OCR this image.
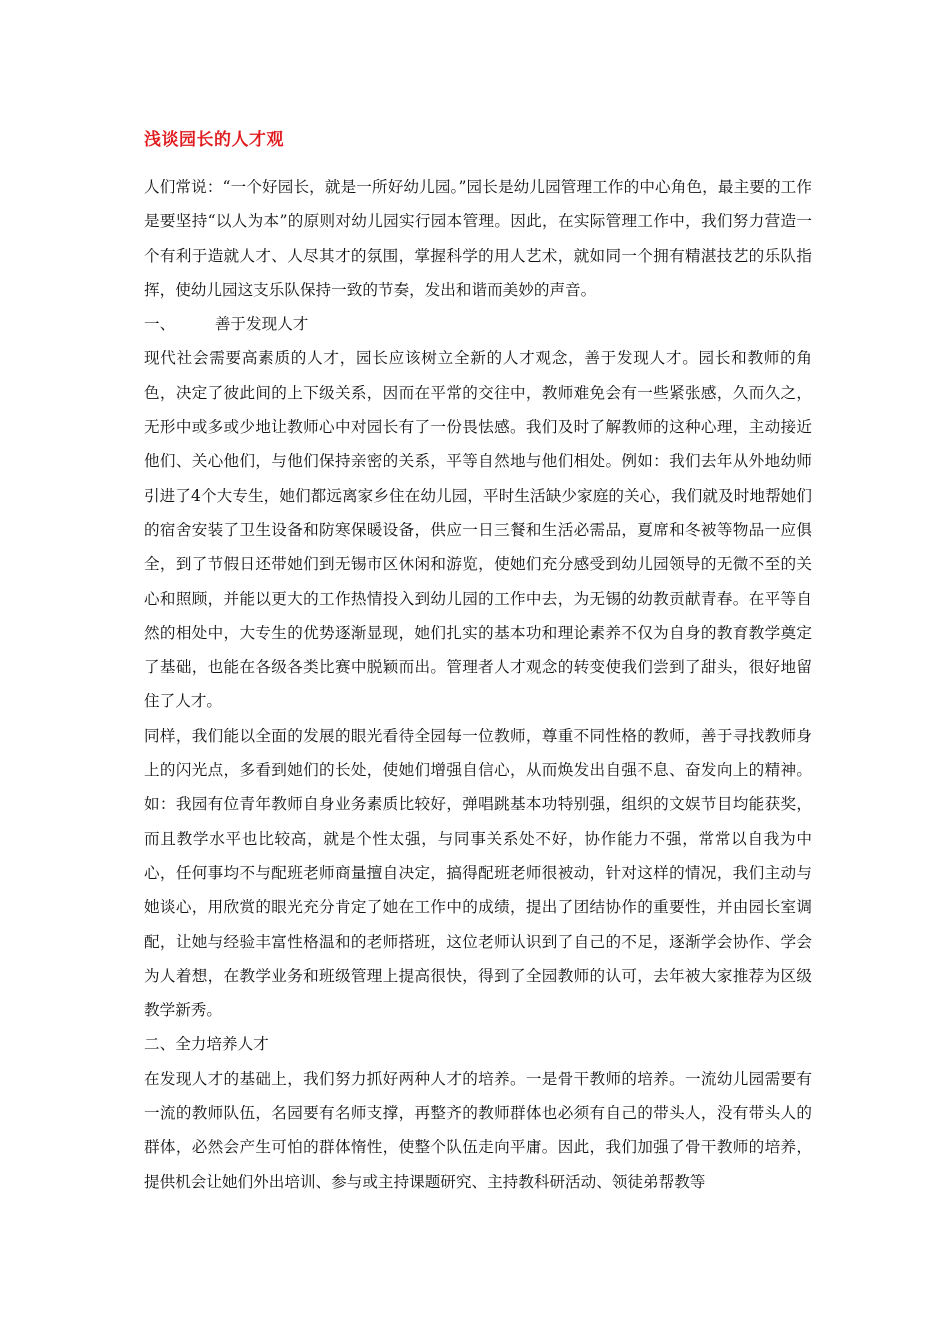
浅谈园长的人才观

人们常说：“一个好园长，就是一所好幼儿园。”园长是幼儿园管理工作的中心角色，最主要的工作是要坚持“以人为本”的原则对幼儿园实行园本管理。因此，在实际管理工作中，我们努力营造一个有利于造就人才、人尽其才的氛围，掌握科学的用人艺术，就如同一个拥有精湛技艺的乐队指挥，使幼儿园这支乐队保持一致的节奏，发出和谐而美妙的声音。

一、        善于发现人才

现代社会需要高素质的人才，园长应该树立全新的人才观念，善于发现人才。园长和教师的角色，决定了彼此间的上下级关系，因而在平常的交往中，教师难免会有一些紧张感，久而久之，无形中或多或少地让教师心中对园长有了一份畏怯感。我们及时了解教师的这种心理，主动接近他们、关心他们，与他们保持亲密的关系，平等自然地与他们相处。例如：我们去年从外地幼师引进了4个大专生，她们都远离家乡住在幼儿园，平时生活缺少家庭的关心，我们就及时地帮她们的宿舍安装了卫生设备和防寒保暖设备，供应一日三餐和生活必需品，夏席和冬被等物品一应俱全，到了节假日还带她们到无锡市区休闲和游览，使她们充分感受到幼儿园领导的无微不至的关心和照顾，并能以更大的工作热情投入到幼儿园的工作中去，为无锡的幼教贡献青春。在平等自然的相处中，大专生的优势逐渐显现，她们扎实的基本功和理论素养不仅为自身的教育教学奠定了基础，也能在各级各类比赛中脱颖而出。管理者人才观念的转变使我们尝到了甜头，很好地留住了人才。

同样，我们能以全面的发展的眼光看待全园每一位教师，尊重不同性格的教师，善于寻找教师身上的闪光点，多看到她们的长处，使她们增强自信心，从而焕发出自强不息、奋发向上的精神。如：我园有位青年教师自身业务素质比较好，弹唱跳基本功特别强，组织的文娱节目均能获奖，而且教学水平也比较高，就是个性太强，与同事关系处不好，协作能力不强，常常以自我为中心，任何事均不与配班老师商量擅自决定，搞得配班老师很被动，针对这样的情况，我们主动与她谈心，用欣赏的眼光充分肯定了她在工作中的成绩，提出了团结协作的重要性，并由园长室调配，让她与经验丰富性格温和的老师搭班，这位老师认识到了自己的不足，逐渐学会协作、学会为人着想，在教学业务和班级管理上提高很快，得到了全园教师的认可，去年被大家推荐为区级教学新秀。

二、全力培养人才

在发现人才的基础上，我们努力抓好两种人才的培养。一是骨干教师的培养。一流幼儿园需要有一流的教师队伍，名园要有名师支撑，再整齐的教师群体也必须有自己的带头人，没有带头人的群体，必然会产生可怕的群体惰性，使整个队伍走向平庸。因此，我们加强了骨干教师的培养，提供机会让她们外出培训、参与或主持课题研究、主持教科研活动、领徒弟帮教等
